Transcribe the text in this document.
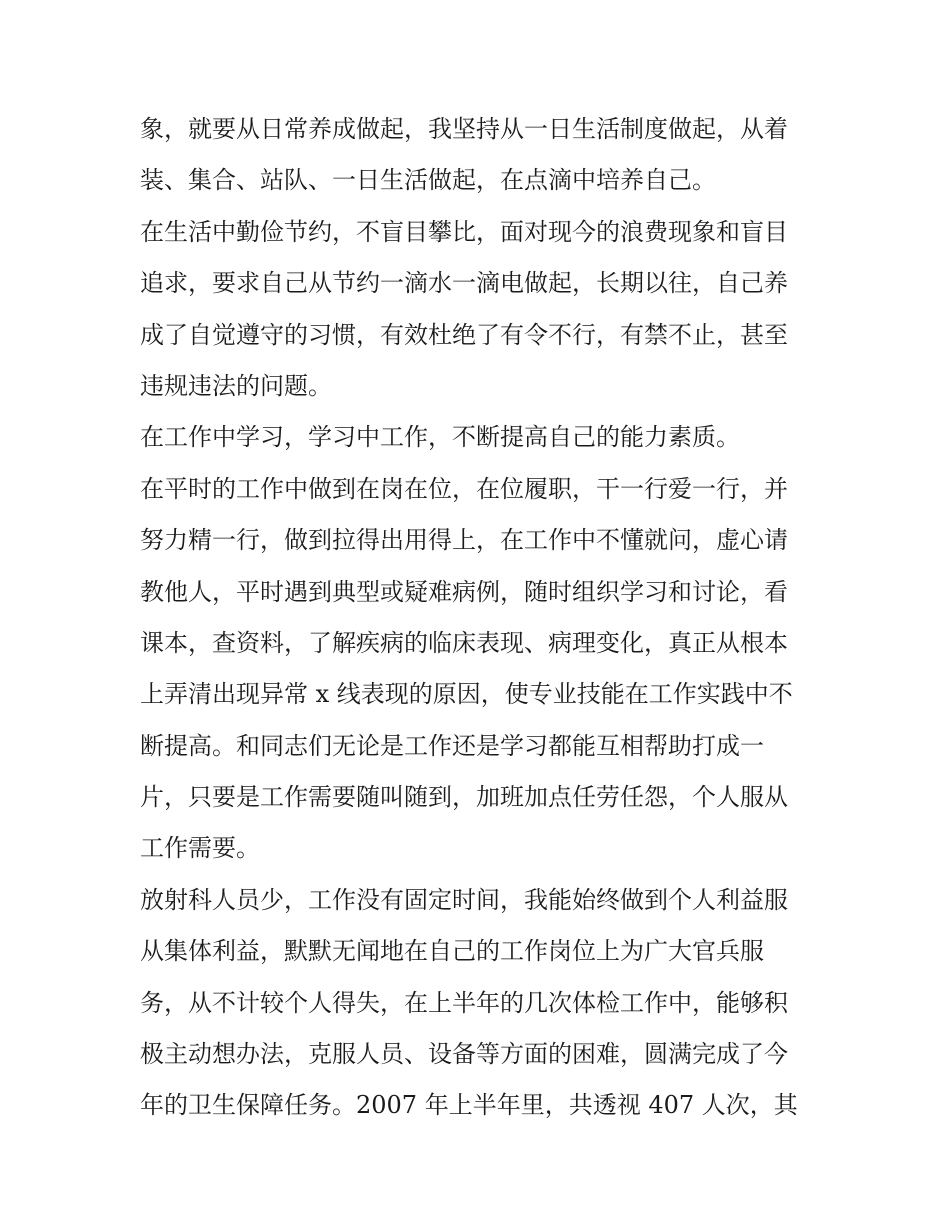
象，就要从日常养成做起，我坚持从一日生活制度做起，从着
装、集合、站队、一日生活做起，在点滴中培养自己。
在生活中勤俭节约，不盲目攀比，面对现今的浪费现象和盲目
追求，要求自己从节约一滴水一滴电做起，长期以往，自己养
成了自觉遵守的习惯，有效杜绝了有令不行，有禁不止，甚至
违规违法的问题。
在工作中学习，学习中工作，不断提高自己的能力素质。
在平时的工作中做到在岗在位，在位履职，干一行爱一行，并
努力精一行，做到拉得出用得上，在工作中不懂就问，虚心请
教他人，平时遇到典型或疑难病例，随时组织学习和讨论，看
课本，查资料，了解疾病的临床表现、病理变化，真正从根本
上弄清出现异常 x 线表现的原因，使专业技能在工作实践中不
断提高。和同志们无论是工作还是学习都能互相帮助打成一
片，只要是工作需要随叫随到，加班加点任劳任怨，个人服从
工作需要。
放射科人员少，工作没有固定时间，我能始终做到个人利益服
从集体利益，默默无闻地在自己的工作岗位上为广大官兵服
务，从不计较个人得失，在上半年的几次体检工作中，能够积
极主动想办法，克服人员、设备等方面的困难，圆满完成了今
年的卫生保障任务。2007 年上半年里，共透视 407 人次，其
